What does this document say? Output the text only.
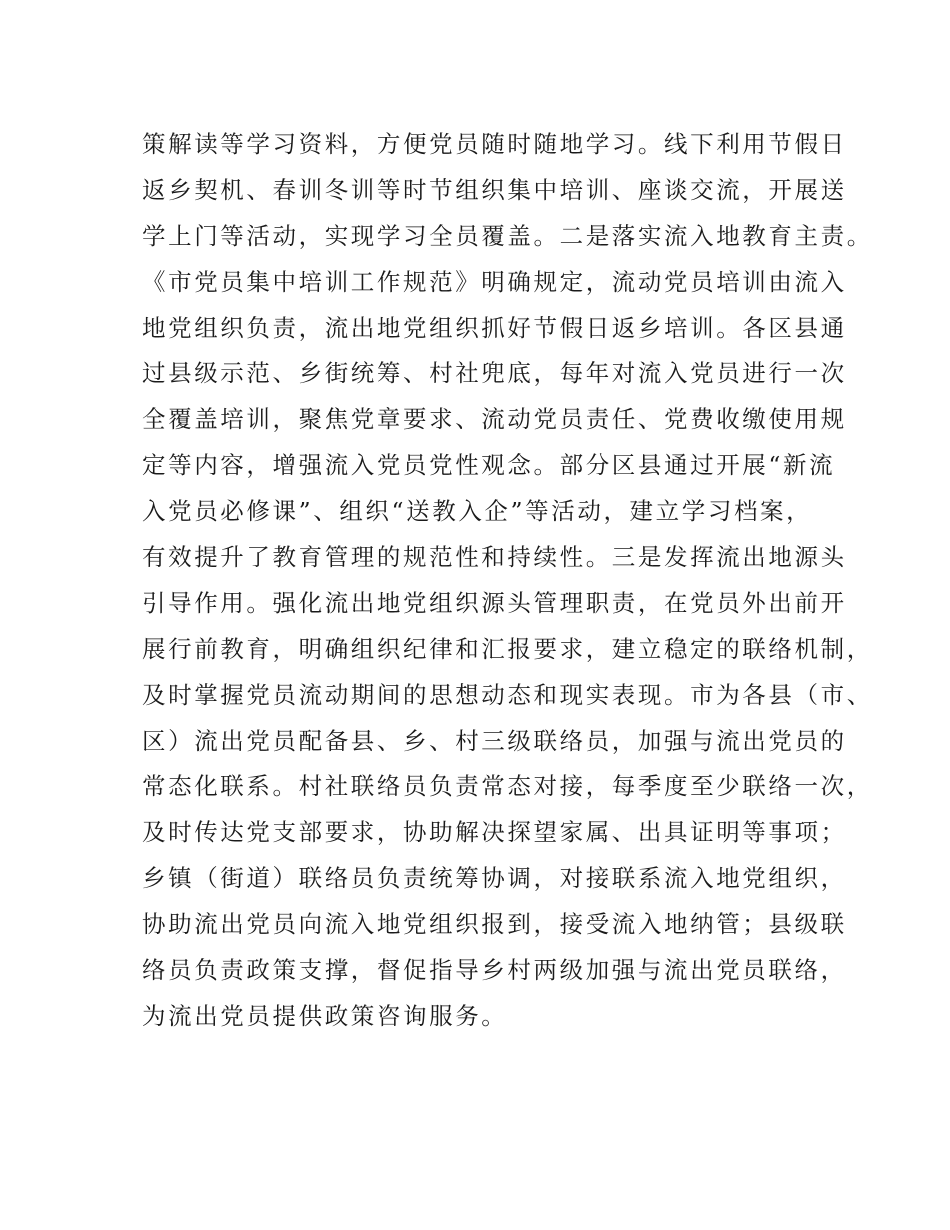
策解读等学习资料，方便党员随时随地学习。线下利用节假日
返乡契机、春训冬训等时节组织集中培训、座谈交流，开展送
学上门等活动，实现学习全员覆盖。二是落实流入地教育主责。
《市党员集中培训工作规范》明确规定，流动党员培训由流入
地党组织负责，流出地党组织抓好节假日返乡培训。各区县通
过县级示范、乡街统筹、村社兜底，每年对流入党员进行一次
全覆盖培训，聚焦党章要求、流动党员责任、党费收缴使用规
定等内容，增强流入党员党性观念。部分区县通过开展“新流
入党员必修课”、组织“送教入企”等活动，建立学习档案，
有效提升了教育管理的规范性和持续性。三是发挥流出地源头
引导作用。强化流出地党组织源头管理职责，在党员外出前开
展行前教育，明确组织纪律和汇报要求，建立稳定的联络机制，
及时掌握党员流动期间的思想动态和现实表现。市为各县（市、
区）流出党员配备县、乡、村三级联络员，加强与流出党员的
常态化联系。村社联络员负责常态对接，每季度至少联络一次，
及时传达党支部要求，协助解决探望家属、出具证明等事项；
乡镇（街道）联络员负责统筹协调，对接联系流入地党组织，
协助流出党员向流入地党组织报到，接受流入地纳管；县级联
络员负责政策支撑，督促指导乡村两级加强与流出党员联络，
为流出党员提供政策咨询服务。
